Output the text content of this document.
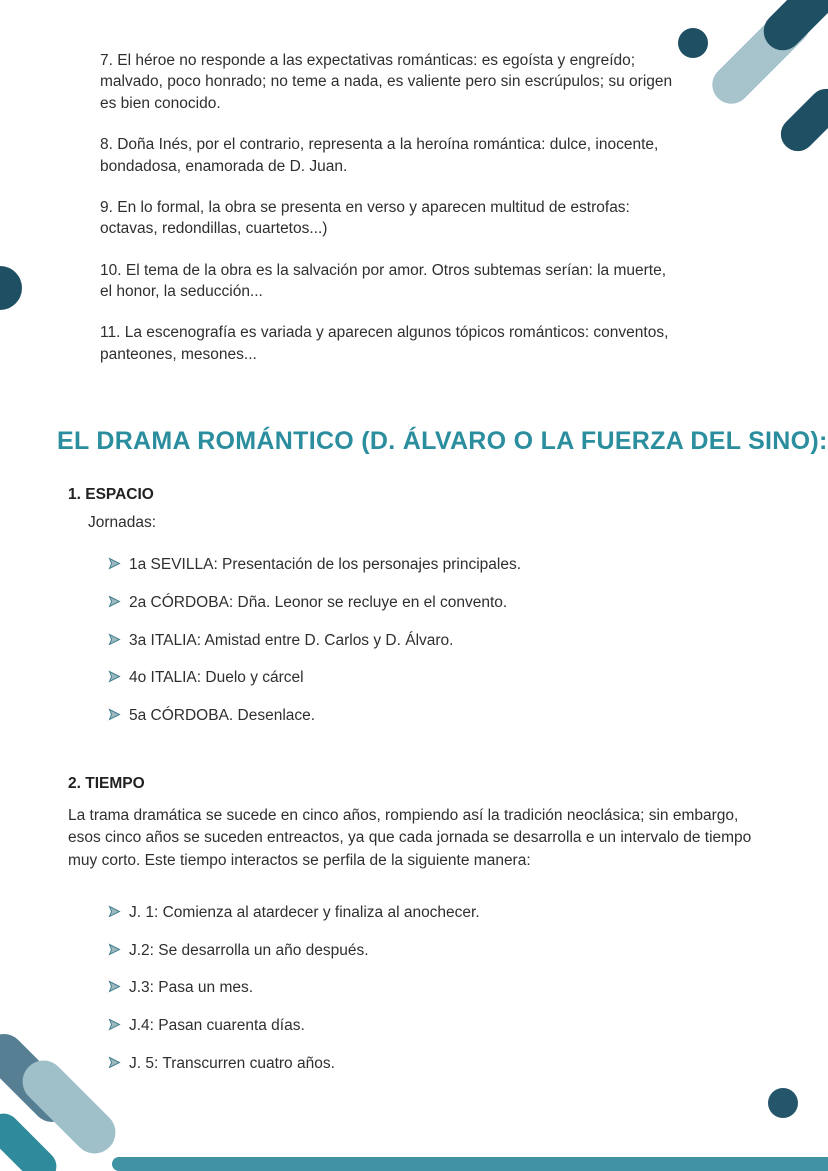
7. El héroe no responde a las expectativas románticas: es egoísta y engreído; malvado, poco honrado; no teme a nada, es valiente pero sin escrúpulos; su origen es bien conocido.

8. Doña Inés, por el contrario, representa a la heroína romántica: dulce, inocente, bondadosa, enamorada de D. Juan.

9. En lo formal, la obra se presenta en verso y aparecen multitud de estrofas: octavas, redondillas, cuartetos...)

10. El tema de la obra es la salvación por amor. Otros subtemas serían: la muerte, el honor, la seducción...

11. La escenografía es variada y aparecen algunos tópicos románticos: conventos, panteones, mesones...

EL DRAMA ROMÁNTICO (D. ÁLVARO O LA FUERZA DEL SINO):
1. ESPACIO

Jornadas:

1a SEVILLA: Presentación de los personajes principales.
2a CÓRDOBA: Dña. Leonor se recluye en el convento.
3a ITALIA: Amistad entre D. Carlos y D. Álvaro.
4o ITALIA: Duelo y cárcel
5a CÓRDOBA. Desenlace.
2. TIEMPO

La trama dramática se sucede en cinco años, rompiendo así la tradición neoclásica; sin embargo, esos cinco años se suceden entreactos, ya que cada jornada se desarrolla e un intervalo de tiempo muy corto. Este tiempo interactos se perfila de la siguiente manera:

J. 1: Comienza al atardecer y finaliza al anochecer.
J.2: Se desarrolla un año después.
J.3: Pasa un mes.
J.4: Pasan cuarenta días.
J. 5: Transcurren cuatro años.
